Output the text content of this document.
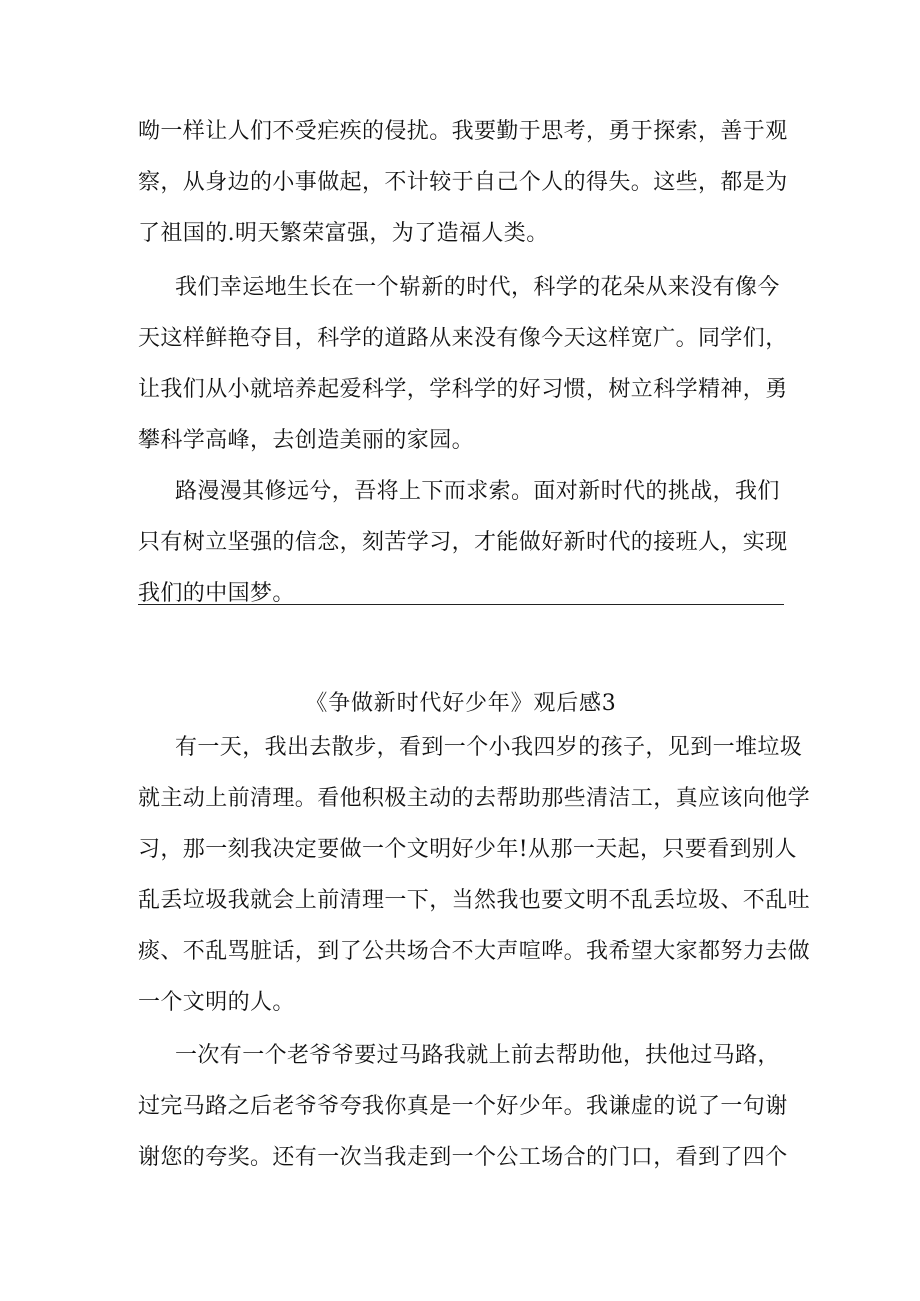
呦一样让人们不受疟疾的侵扰。我要勤于思考，勇于探索，善于观
察，从身边的小事做起，不计较于自己个人的得失。这些，都是为
了祖国的.明天繁荣富强，为了造福人类。
我们幸运地生长在一个崭新的时代，科学的花朵从来没有像今
天这样鲜艳夺目，科学的道路从来没有像今天这样宽广。同学们，
让我们从小就培养起爱科学，学科学的好习惯，树立科学精神，勇
攀科学高峰，去创造美丽的家园。
路漫漫其修远兮，吾将上下而求索。面对新时代的挑战，我们
只有树立坚强的信念，刻苦学习，才能做好新时代的接班人，实现
我们的中国梦。
《争做新时代好少年》观后感3
有一天，我出去散步，看到一个小我四岁的孩子，见到一堆垃圾
就主动上前清理。看他积极主动的去帮助那些清洁工，真应该向他学
习，那一刻我决定要做一个文明好少年!从那一天起，只要看到别人
乱丢垃圾我就会上前清理一下，当然我也要文明不乱丢垃圾、不乱吐
痰、不乱骂脏话，到了公共场合不大声喧哗。我希望大家都努力去做
一个文明的人。
一次有一个老爷爷要过马路我就上前去帮助他，扶他过马路，
过完马路之后老爷爷夸我你真是一个好少年。我谦虚的说了一句谢
谢您的夸奖。还有一次当我走到一个公工场合的门口，看到了四个
